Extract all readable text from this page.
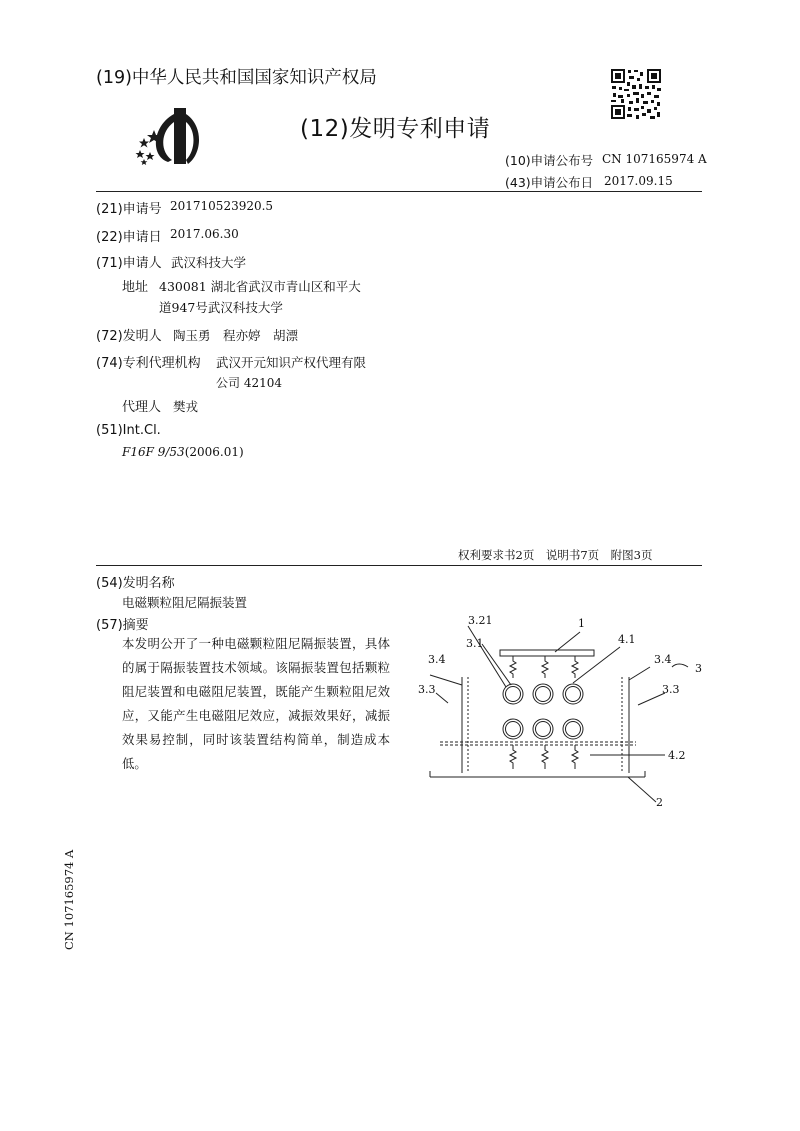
(19)中华人民共和国国家知识产权局
(12)发明专利申请
(10)申请公布号 CN 107165974 A
(43)申请公布日 2017.09.15
(21)申请号 201710523920.5
(22)申请日 2017.06.30
(71)申请人 武汉科技大学
地址 430081 湖北省武汉市青山区和平大
道947号武汉科技大学
(72)发明人 陶玉勇　程亦婷　胡漂
(74)专利代理机构 武汉开元知识产权代理有限
公司 42104
代理人 樊戎
(51)Int.Cl.
F16F 9/53(2006.01)
权利要求书2页　说明书7页　附图3页
(54)发明名称
电磁颗粒阻尼隔振装置
(57)摘要
本发明公开了一种电磁颗粒阻尼隔振装置，具体的属于隔振装置技术领域。该隔振装置包括颗粒阻尼装置和电磁阻尼装置，既能产生颗粒阻尼效应，又能产生电磁阻尼效应，减振效果好，减振效果易控制，同时该装置结构简单，制造成本低。
3.21	1
3.1	4.1
3.4	3.4
3
3.3	3.3
4.2
2
CN 107165974 A
